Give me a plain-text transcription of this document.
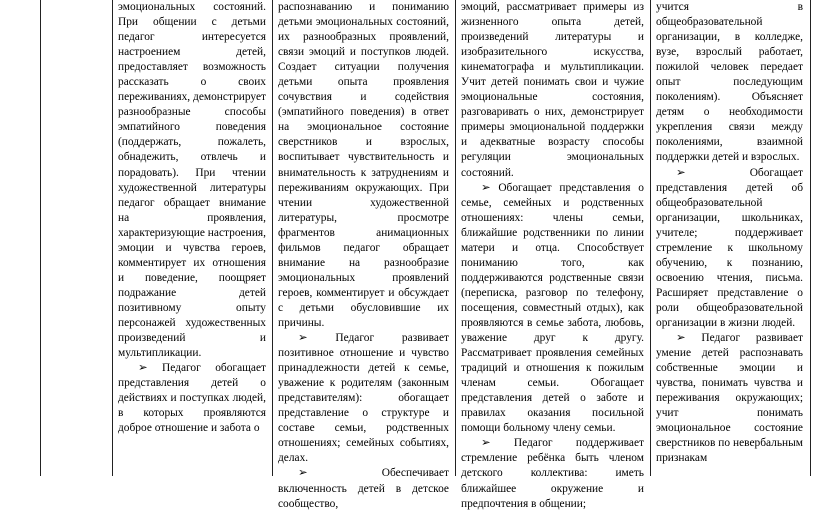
эмоциональных состояний. При общении с детьми педагог интересуется настроением детей, предоставляет возможность рассказать о своих переживаниях, демонстрирует разнообразные способы эмпатийного поведения (поддержать, пожалеть, обнадежить, отвлечь и порадовать). При чтении художественной литературы педагог обращает внимание на проявления, характеризующие настроения, эмоции и чувства героев, комментирует их отношения и поведение, поощряет подражание детей позитивному опыту персонажей художественных произведений и мультипликации.

➢ Педагог обогащает представления детей о действиях и поступках людей, в которых проявляются доброе отношение и забота о

распознаванию и пониманию детьми эмоциональных состояний, их разнообразных проявлений, связи эмоций и поступков людей. Создает ситуации получения детьми опыта проявления сочувствия и содействия (эмпатийного поведения) в ответ на эмоциональное состояние сверстников и взрослых, воспитывает чувствительность и внимательность к затруднениям и переживаниям окружающих. При чтении художественной литературы, просмотре фрагментов анимационных фильмов педагог обращает внимание на разнообразие эмоциональных проявлений героев, комментирует и обсуждает с детьми обусловившие их причины.

➢ Педагог развивает позитивное отношение и чувство принадлежности детей к семье, уважение к родителям (законным представителям): обогащает представление о структуре и составе семьи, родственных отношениях; семейных событиях, делах.

➢ Обеспечивает включенность детей в детское сообщество,

эмоций, рассматривает примеры из жизненного опыта детей, произведений литературы и изобразительного искусства, кинематографа и мультипликации. Учит детей понимать свои и чужие эмоциональные состояния, разговаривать о них, демонстрирует примеры эмоциональной поддержки и адекватные возрасту способы регуляции эмоциональных состояний.

➢ Обогащает представления о семье, семейных и родственных отношениях: члены семьи, ближайшие родственники по линии матери и отца. Способствует пониманию того, как поддерживаются родственные связи (переписка, разговор по телефону, посещения, совместный отдых), как проявляются в семье забота, любовь, уважение друг к другу. Рассматривает проявления семейных традиций и отношения к пожилым членам семьи. Обогащает представления детей о заботе и правилах оказания посильной помощи больному члену семьи.

➢ Педагог поддерживает стремление ребёнка быть членом детского коллектива: иметь ближайшее окружение и предпочтения в общении;

учится в общеобразовательной организации, в колледже, вузе, взрослый работает, пожилой человек передает опыт последующим поколениям). Объясняет детям о необходимости укрепления связи между поколениями, взаимной поддержки детей и взрослых.

➢ Обогащает представления детей об общеобразовательной организации, школьниках, учителе; поддерживает стремление к школьному обучению, к познанию, освоению чтения, письма. Расширяет представление о роли общеобразовательной организации в жизни людей.

➢ Педагог развивает умение детей распознавать собственные эмоции и чувства, понимать чувства и переживания окружающих; учит понимать эмоциональное состояние сверстников по невербальным признакам
